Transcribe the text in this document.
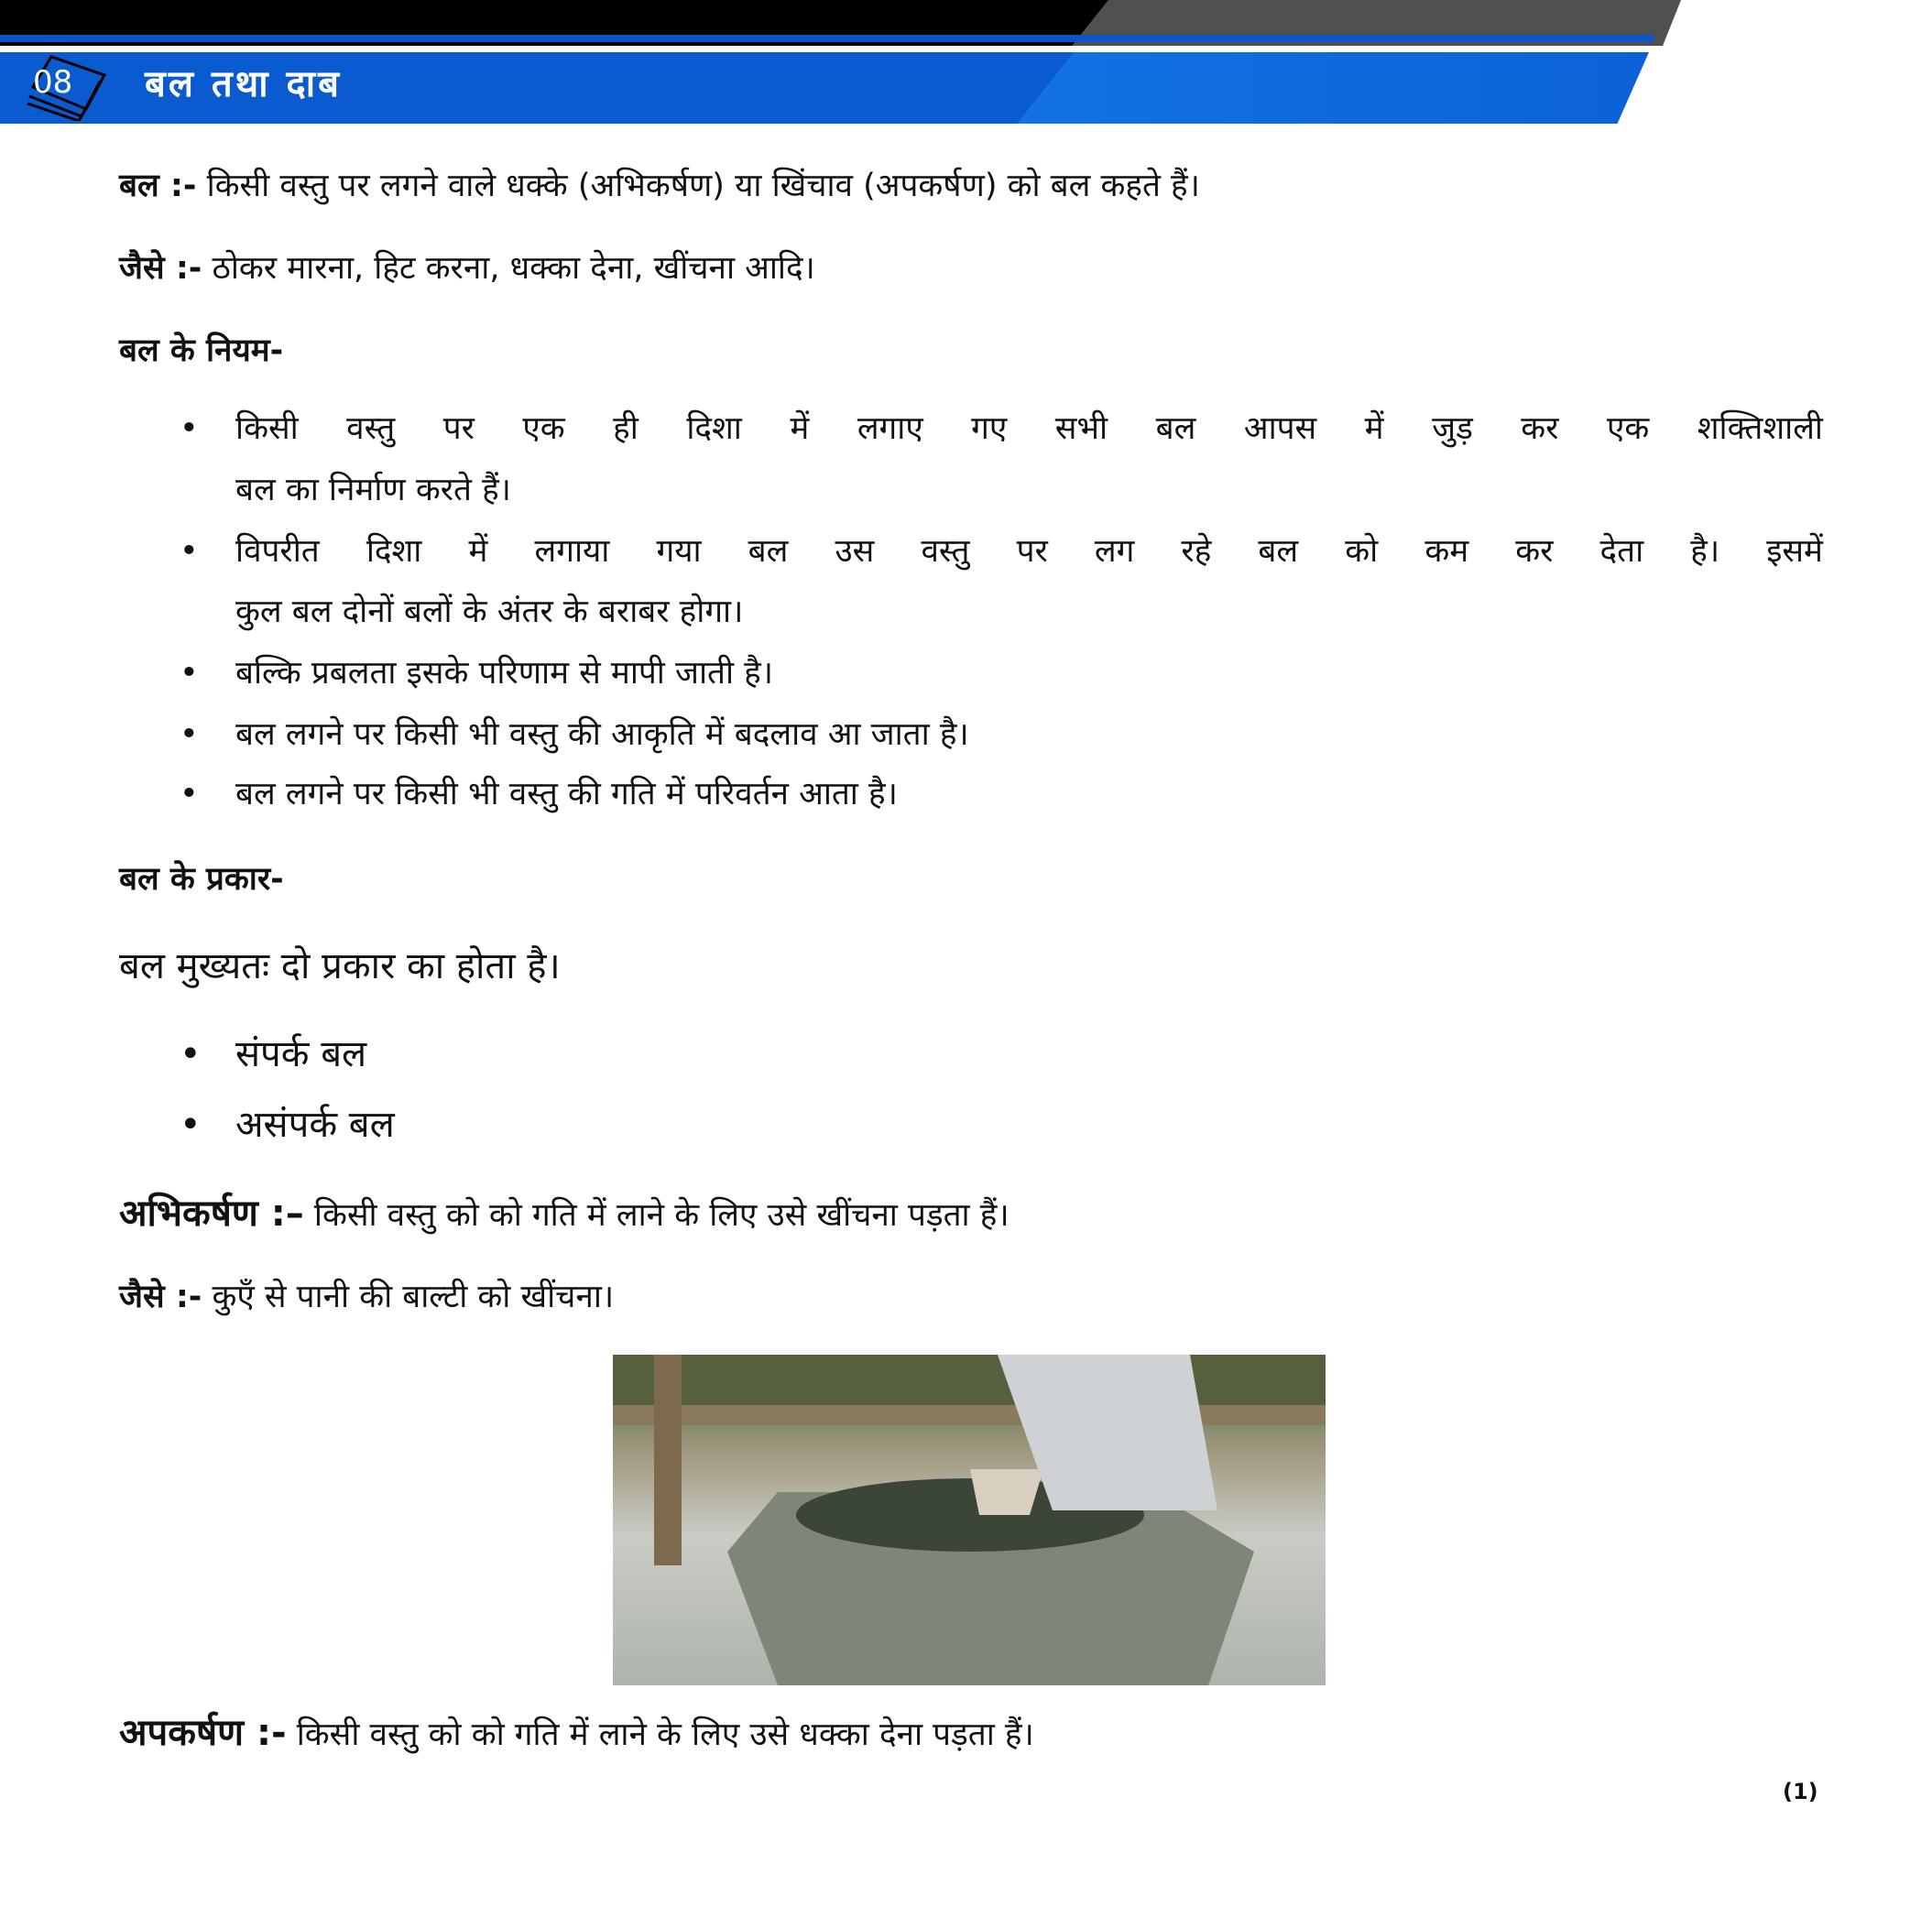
08 बल तथा दाब
बल :- किसी वस्तु पर लगने वाले धक्के (अभिकर्षण) या खिंचाव (अपकर्षण) को बल कहते हैं।
जैसे :- ठोकर मारना, हिट करना, धक्का देना, खींचना आदि।
बल के नियम-
• किसी वस्तु पर एक ही दिशा में लगाए गए सभी बल आपस में जुड़ कर एक शक्तिशाली
बल का निर्माण करते हैं।
• विपरीत दिशा में लगाया गया बल उस वस्तु पर लग रहे बल को कम कर देता है। इसमें
कुल बल दोनों बलों के अंतर के बराबर होगा।
• बल्कि प्रबलता इसके परिणाम से मापी जाती है।
• बल लगने पर किसी भी वस्तु की आकृति में बदलाव आ जाता है।
• बल लगने पर किसी भी वस्तु की गति में परिवर्तन आता है।
बल के प्रकार-
बल मुख्यतः दो प्रकार का होता है।
• संपर्क बल
• असंपर्क बल
अभिकर्षण :– किसी वस्तु को को गति में लाने के लिए उसे खींचना पड़ता हैं।
जैसे :- कुएँ से पानी की बाल्टी को खींचना।
अपकर्षण :- किसी वस्तु को को गति में लाने के लिए उसे धक्का देना पड़ता हैं।
(1)
